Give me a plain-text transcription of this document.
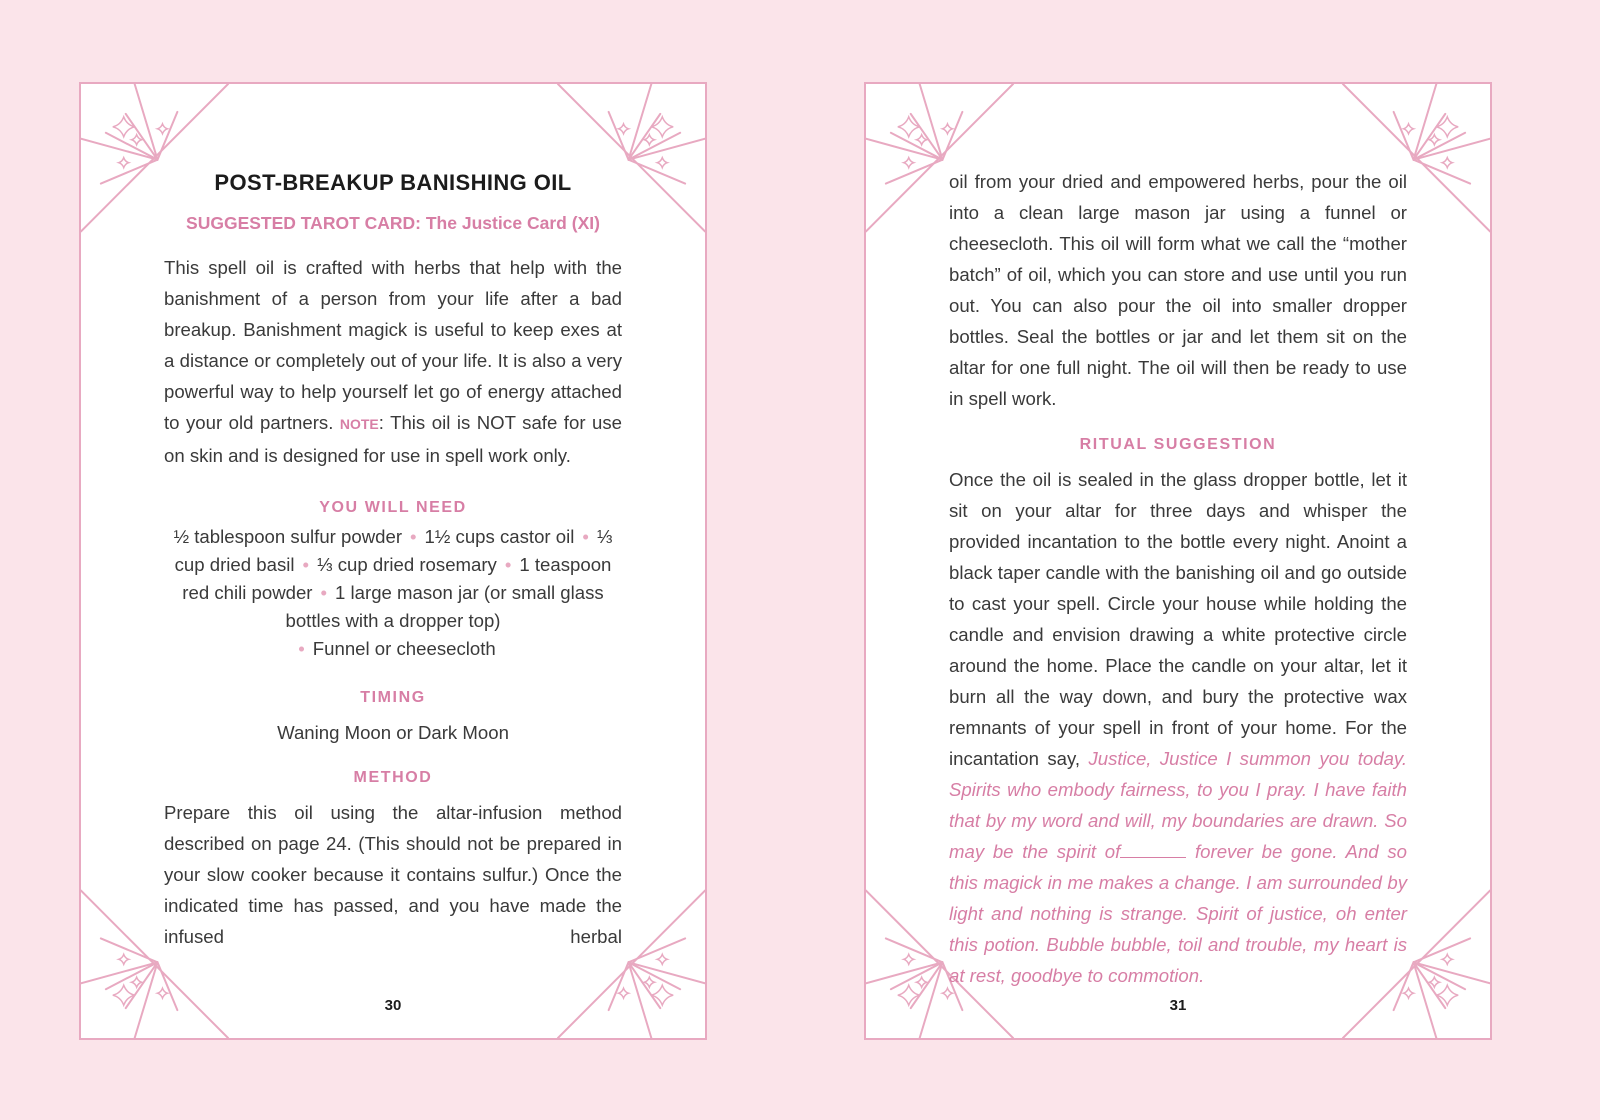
POST-BREAKUP BANISHING OIL
SUGGESTED TAROT CARD: The Justice Card (XI)

This spell oil is crafted with herbs that help with the banishment of a person from your life after a bad breakup. Banishment magick is useful to keep exes at a distance or completely out of your life. It is also a very powerful way to help yourself let go of energy attached to your old partners. NOTE: This oil is NOT safe for use on skin and is designed for use in spell work only.

YOU WILL NEED

½ tablespoon sulfur powder • 1½ cups castor oil • ⅓ cup dried basil • ⅓ cup dried rosemary • 1 teaspoon red chili powder • 1 large mason jar (or small glass bottles with a dropper top)
• Funnel or cheesecloth

TIMING

Waning Moon or Dark Moon

METHOD

Prepare this oil using the altar-infusion method described on page 24. (This should not be prepared in your slow cooker because it contains sulfur.) Once the indicated time has passed, and you have made the infused herbal

30

oil from your dried and empowered herbs, pour the oil into a clean large mason jar using a funnel or cheesecloth. This oil will form what we call the “mother batch” of oil, which you can store and use until you run out. You can also pour the oil into smaller dropper bottles. Seal the bottles or jar and let them sit on the altar for one full night. The oil will then be ready to use in spell work.

RITUAL SUGGESTION

Once the oil is sealed in the glass dropper bottle, let it sit on your altar for three days and whisper the provided incantation to the bottle every night. Anoint a black taper candle with the banishing oil and go outside to cast your spell. Circle your house while holding the candle and envision drawing a white protective circle around the home. Place the candle on your altar, let it burn all the way down, and bury the protective wax remnants of your spell in front of your home. For the incantation say, Justice, Justice I summon you today. Spirits who embody fairness, to you I pray. I have faith that by my word and will, my boundaries are drawn. So may be the spirit of	forever be gone. And so this magick in me makes a change. I am surrounded by light and nothing is strange. Spirit of justice, oh enter this potion. Bubble bubble, toil and trouble, my heart is at rest, goodbye to commotion.

31
